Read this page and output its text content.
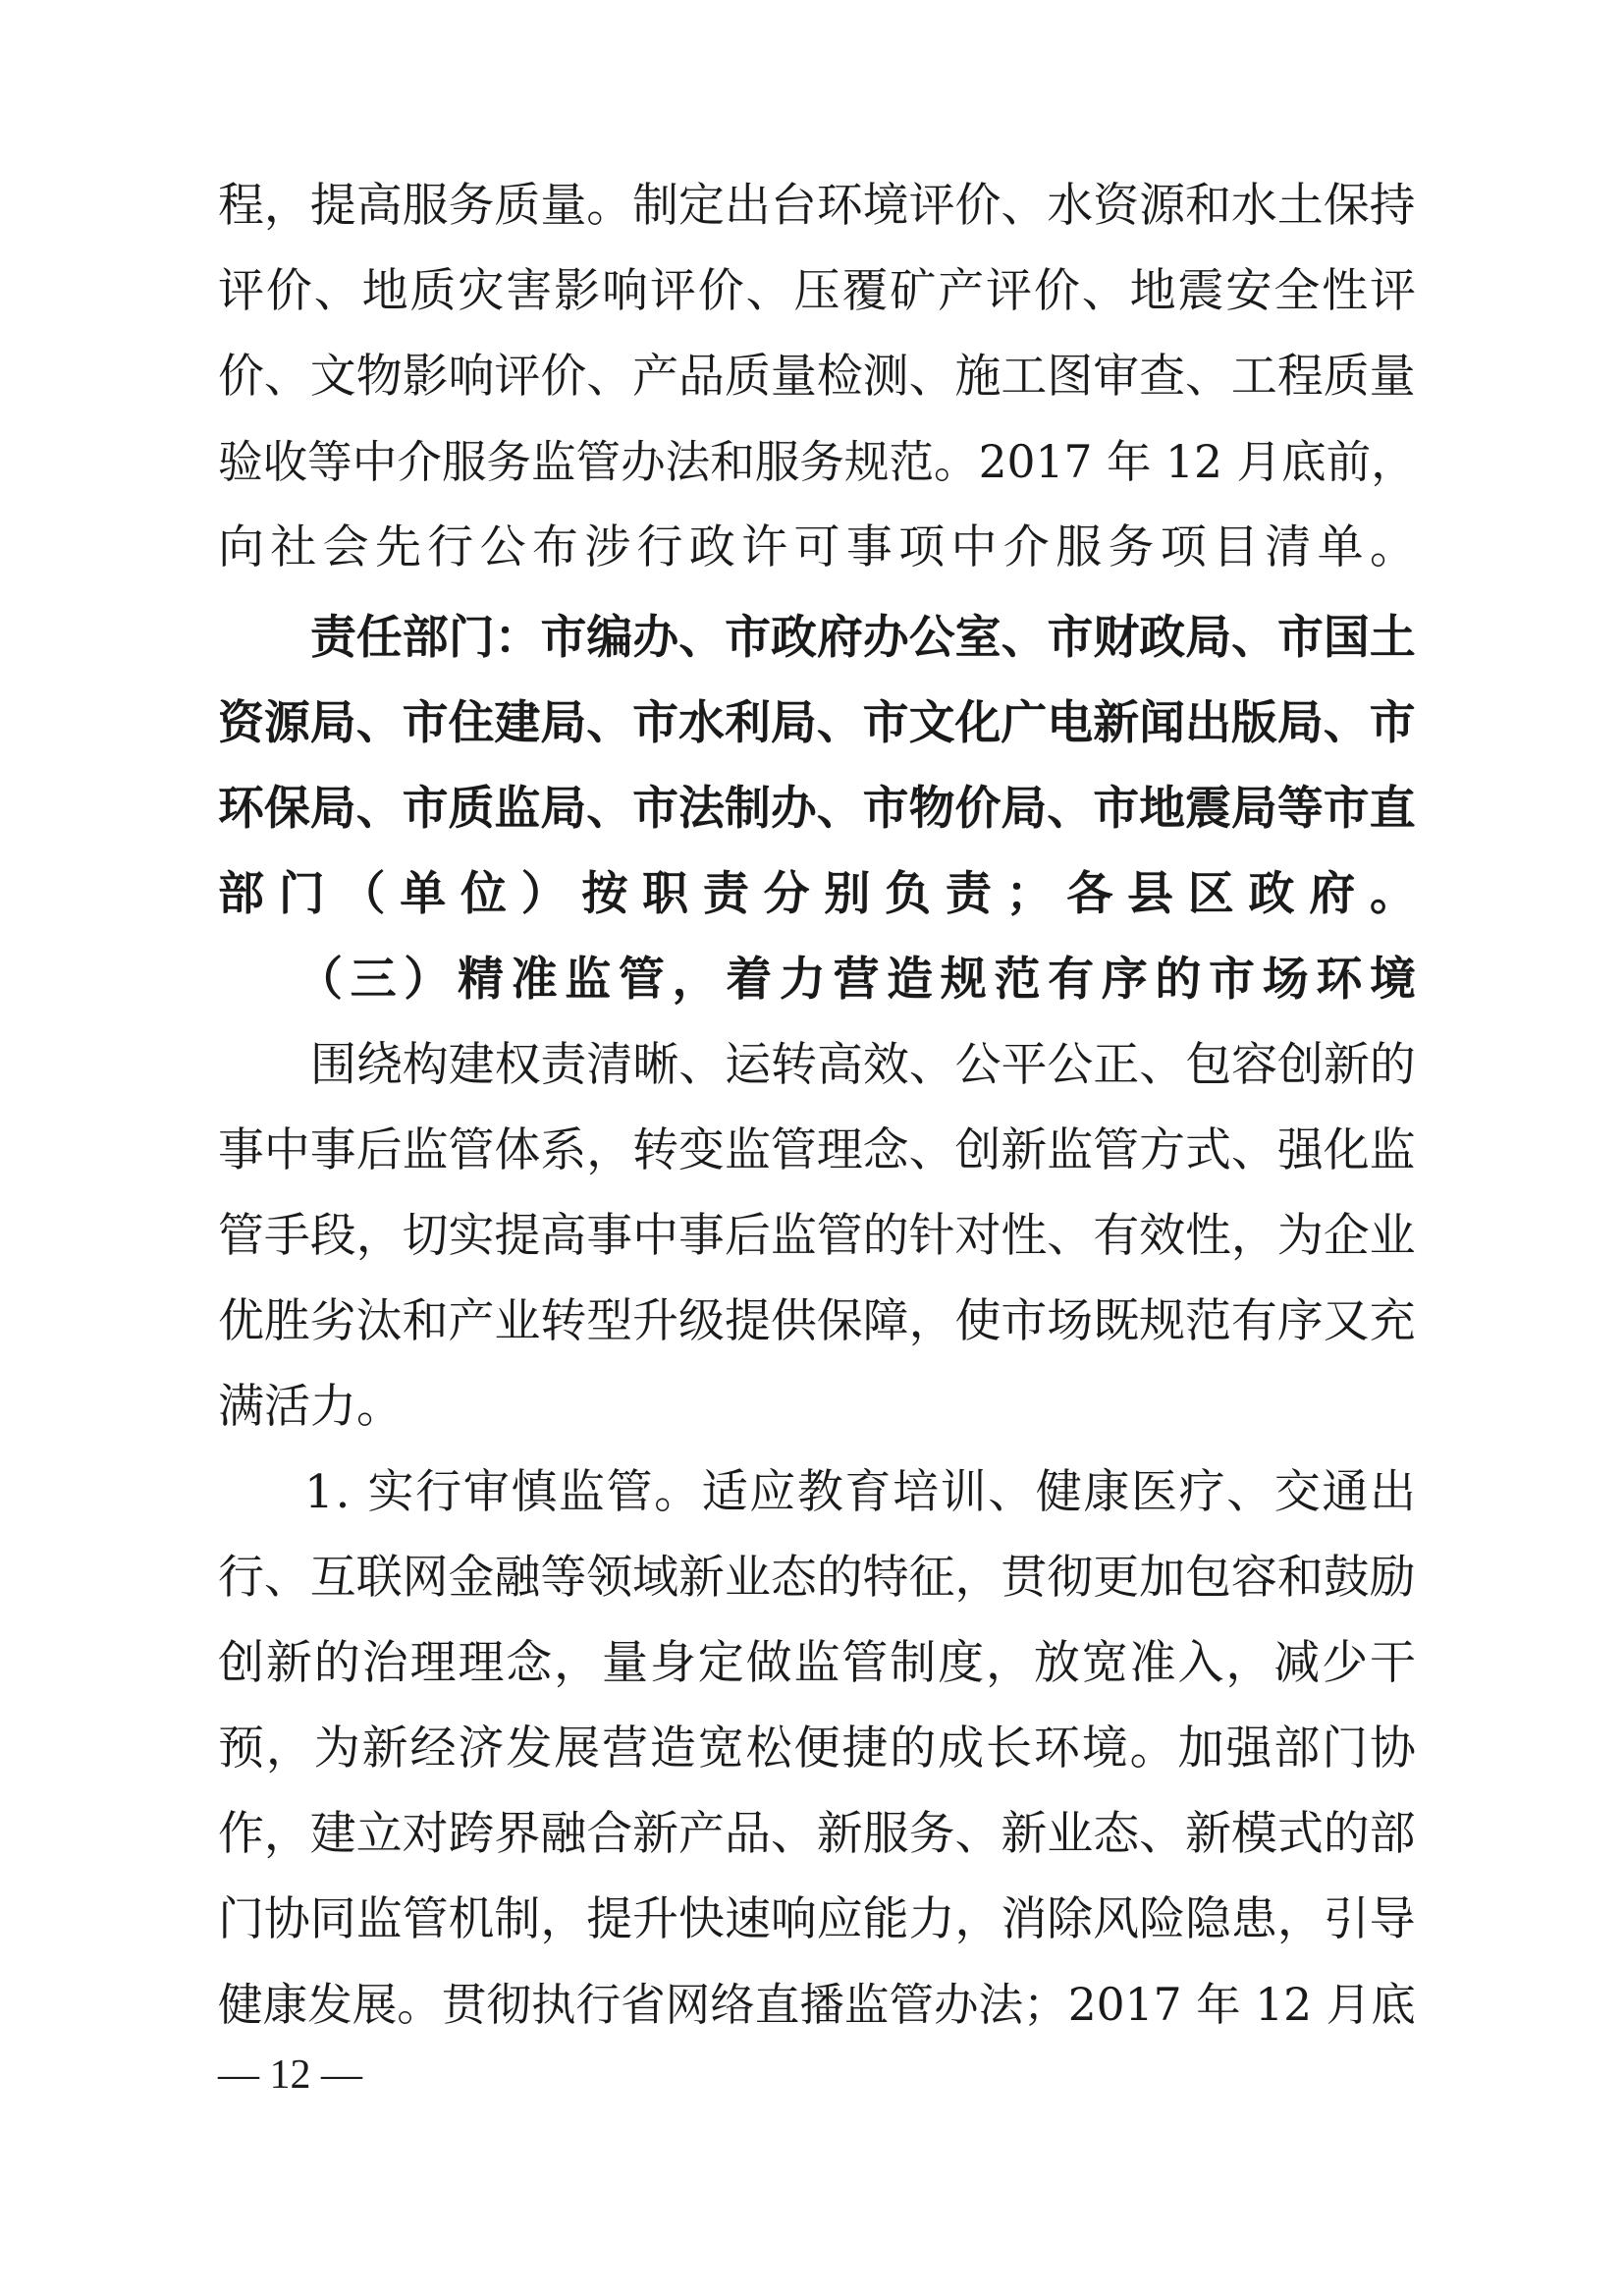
程，提高服务质量。制定出台环境评价、水资源和水土保持
评价、地质灾害影响评价、压覆矿产评价、地震安全性评
价、文物影响评价、产品质量检测、施工图审查、工程质量
验收等中介服务监管办法和服务规范。2017 年 12 月底前，
向社会先行公布涉行政许可事项中介服务项目清单。
责任部门：市编办、市政府办公室、市财政局、市国土
资源局、市住建局、市水利局、市文化广电新闻出版局、市
环保局、市质监局、市法制办、市物价局、市地震局等市直
部门（单位）按职责分别负责；各县区政府。
（三）精准监管，着力营造规范有序的市场环境
围绕构建权责清晰、运转高效、公平公正、包容创新的
事中事后监管体系，转变监管理念、创新监管方式、强化监
管手段，切实提高事中事后监管的针对性、有效性，为企业
优胜劣汰和产业转型升级提供保障，使市场既规范有序又充
满活力。
1. 实行审慎监管。适应教育培训、健康医疗、交通出
行、互联网金融等领域新业态的特征，贯彻更加包容和鼓励
创新的治理理念，量身定做监管制度，放宽准入，减少干
预，为新经济发展营造宽松便捷的成长环境。加强部门协
作，建立对跨界融合新产品、新服务、新业态、新模式的部
门协同监管机制，提升快速响应能力，消除风险隐患，引导
健康发展。贯彻执行省网络直播监管办法；2017 年 12 月底
— 12 —
